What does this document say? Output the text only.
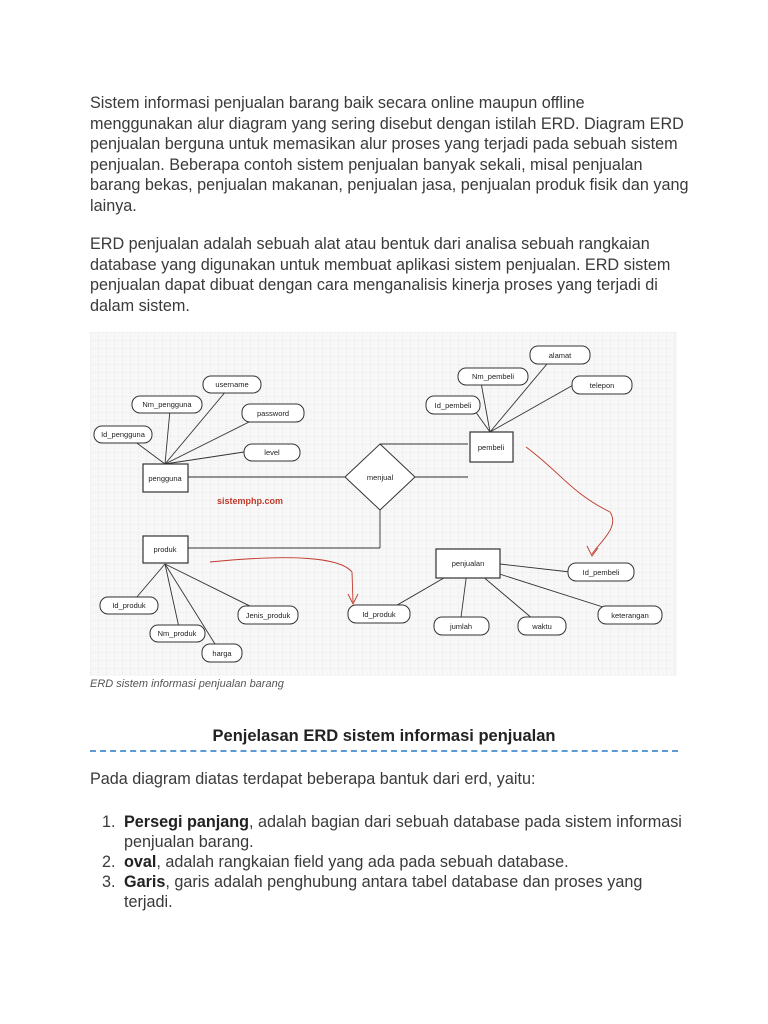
Sistem informasi penjualan barang baik secara online maupun offline menggunakan alur diagram yang sering disebut dengan istilah ERD. Diagram ERD penjualan berguna untuk memasikan alur proses yang terjadi pada sebuah sistem penjualan. Beberapa contoh sistem penjualan banyak sekali, misal penjualan barang bekas, penjualan makanan, penjualan jasa, penjualan produk fisik dan yang lainya.

ERD penjualan adalah sebuah alat atau bentuk dari analisa sebuah rangkaian database yang digunakan untuk membuat aplikasi sistem penjualan. ERD sistem penjualan dapat dibuat dengan cara menganalisis kinerja proses yang terjadi di dalam sistem.

sistemphp.com
menjual
pengguna
produk
pembeli
penjualan
username
Nm_pengguna
password
Id_pengguna
level
alamat
Nm_pembeli
telepon
Id_pembeli
Id_pembeli
Id_produk
Nm_produk
Jenis_produk
harga
Id_produk
jumlah	waktu
keterangan
ERD sistem informasi penjualan barang
Penjelasan ERD sistem informasi penjualan

Pada diagram diatas terdapat beberapa bantuk dari erd, yaitu:

1. Persegi panjang, adalah bagian dari sebuah database pada sistem informasi penjualan barang.
2. oval, adalah rangkaian field yang ada pada sebuah database.
3. Garis, garis adalah penghubung antara tabel database dan proses yang terjadi.
